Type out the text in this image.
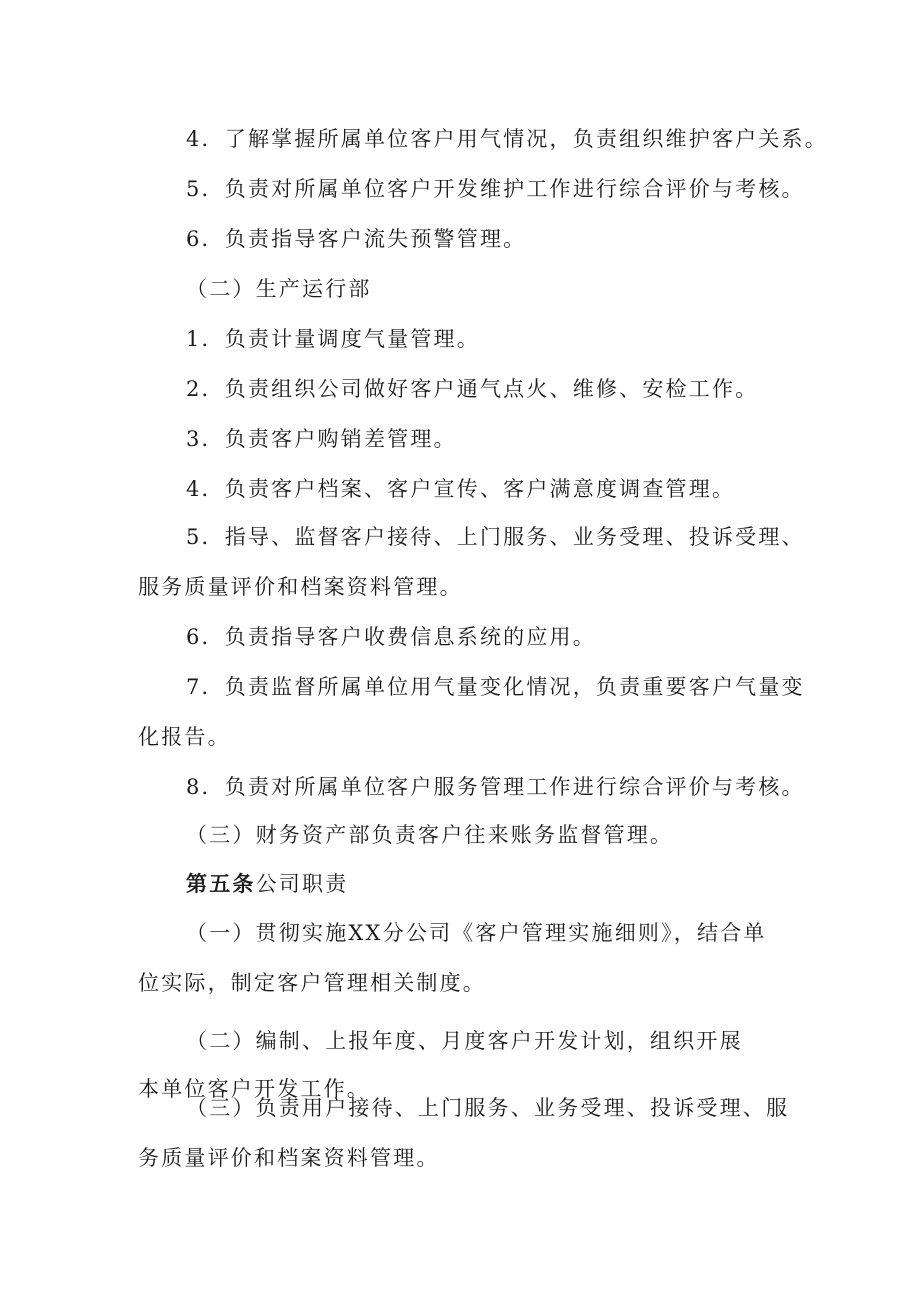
4．了解掌握所属单位客户用气情况，负责组织维护客户关系。
5．负责对所属单位客户开发维护工作进行综合评价与考核。
6．负责指导客户流失预警管理。
（二）生产运行部
1．负责计量调度气量管理。
2．负责组织公司做好客户通气点火、维修、安检工作。
3．负责客户购销差管理。
4．负责客户档案、客户宣传、客户满意度调查管理。
5．指导、监督客户接待、上门服务、业务受理、投诉受理、
服务质量评价和档案资料管理。
6．负责指导客户收费信息系统的应用。
7．负责监督所属单位用气量变化情况，负责重要客户气量变
化报告。
8．负责对所属单位客户服务管理工作进行综合评价与考核。
（三）财务资产部负责客户往来账务监督管理。
第五条公司职责
（一）贯彻实施XX分公司《客户管理实施细则》，结合单
位实际，制定客户管理相关制度。
（二）编制、上报年度、月度客户开发计划，组织开展
本单位客户开发工作。
（三）负责用户接待、上门服务、业务受理、投诉受理、服
务质量评价和档案资料管理。
